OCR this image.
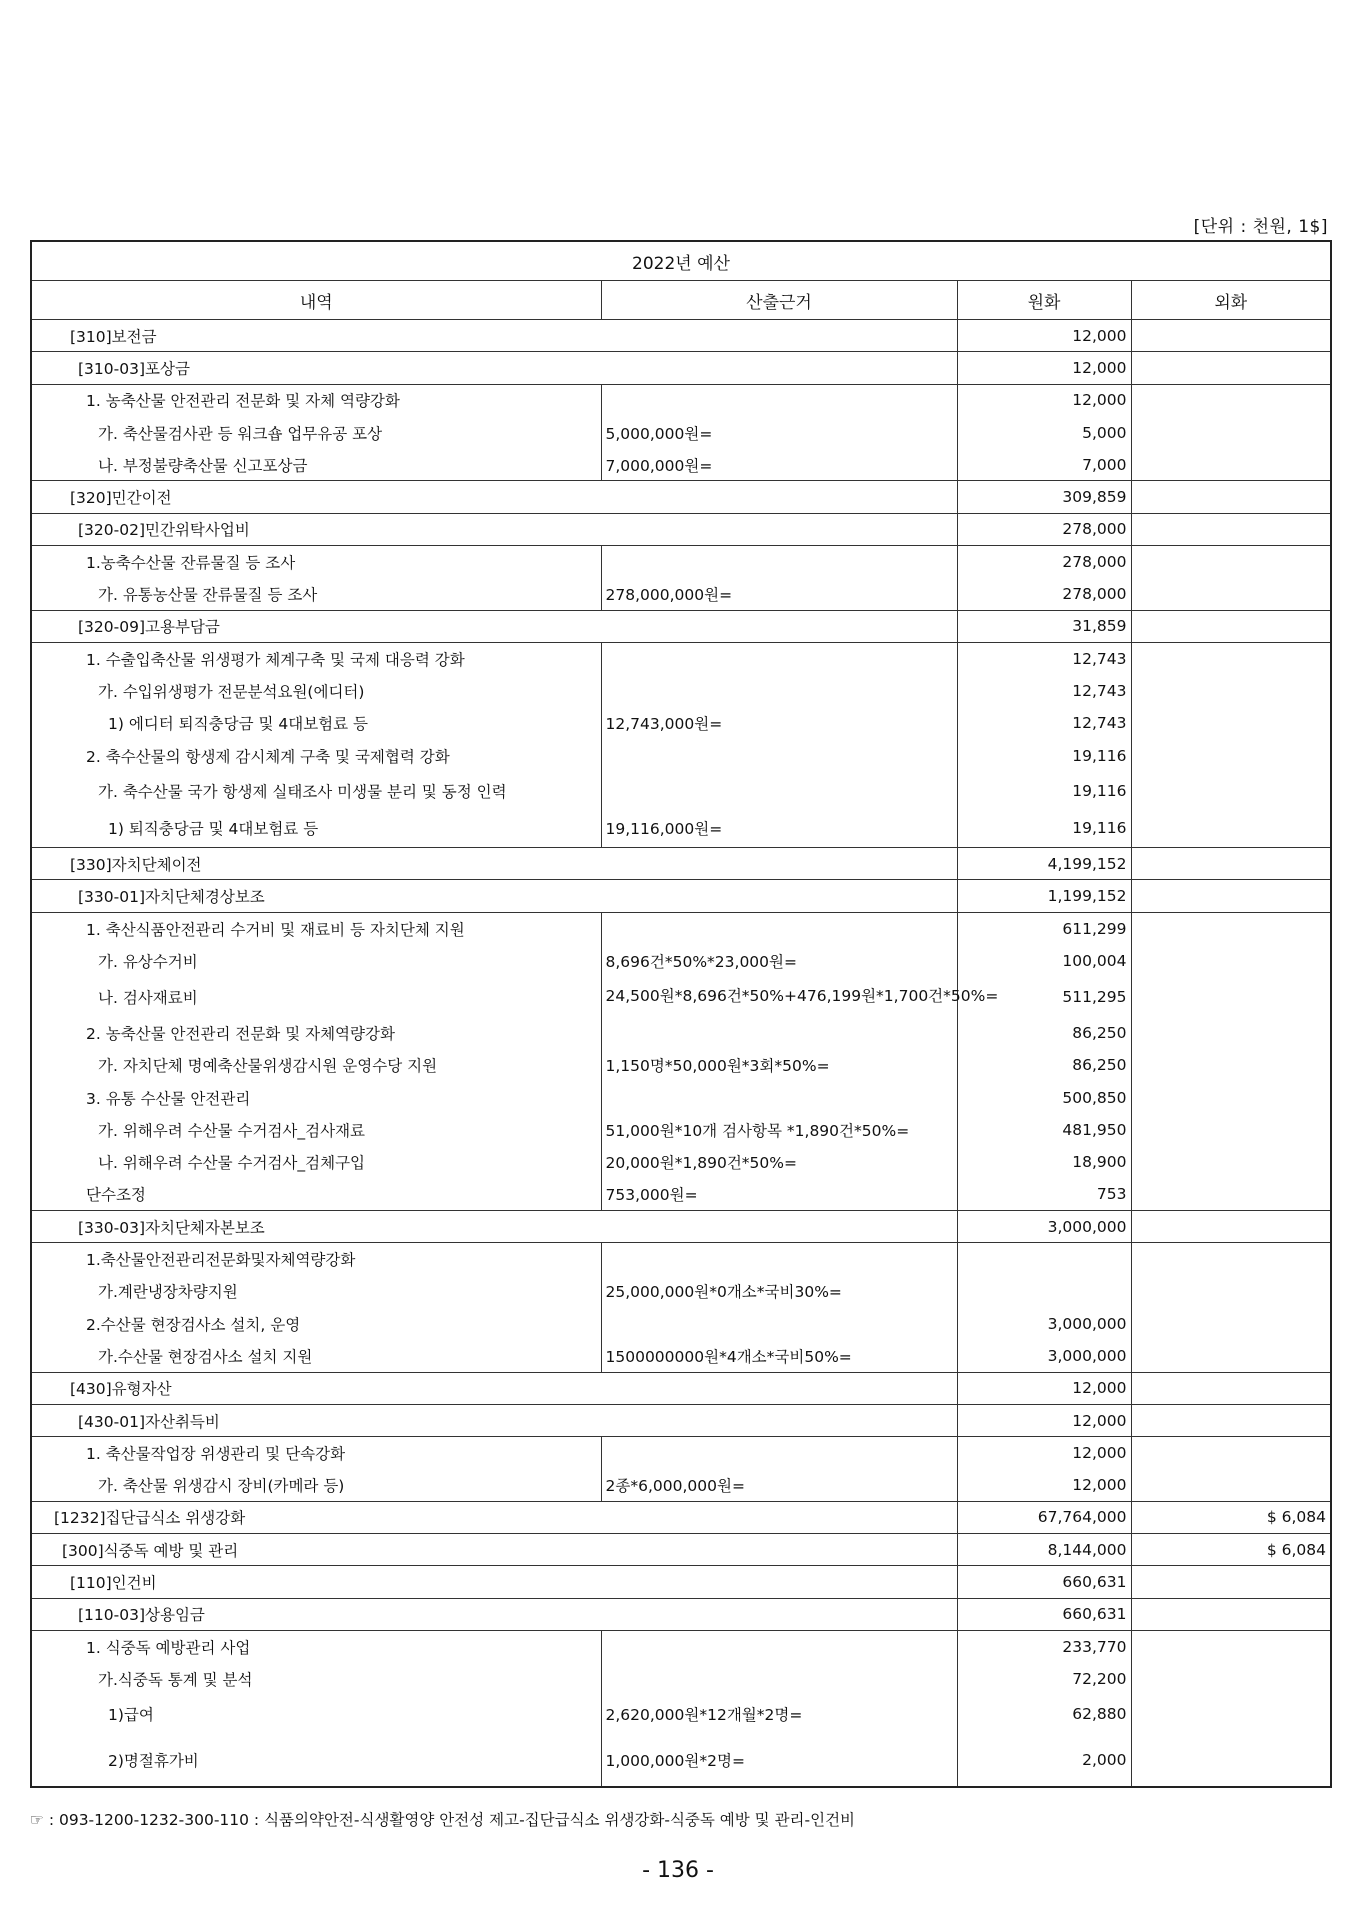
[단위 : 천원, 1$]
2022년 예산			
내역	산출근거	원화	외화
[310]보전금		12,000	
[310-03]포상금		12,000	
1. 농축산물 안전관리 전문화 및 자체 역량강화		12,000	
가. 축산물검사관 등 워크숍 업무유공 포상	5,000,000원=	5,000	
나. 부정불량축산물 신고포상금	7,000,000원=	7,000	
[320]민간이전		309,859	
[320-02]민간위탁사업비		278,000	
1.농축수산물 잔류물질 등 조사		278,000	
가. 유통농산물 잔류물질 등 조사	278,000,000원=	278,000	
[320-09]고용부담금		31,859	
1. 수출입축산물 위생평가 체계구축 및 국제 대응력 강화		12,743	
가. 수입위생평가 전문분석요원(에디터)		12,743	
1) 에디터 퇴직충당금 및 4대보험료 등	12,743,000원=	12,743	
2. 축수산물의 항생제 감시체계 구축 및 국제협력 강화		19,116	
가. 축수산물 국가 항생제 실태조사 미생물 분리 및 동정 인력		19,116	
1) 퇴직충당금 및 4대보험료 등	19,116,000원=	19,116	
[330]자치단체이전		4,199,152	
[330-01]자치단체경상보조		1,199,152	
1. 축산식품안전관리 수거비 및 재료비 등 자치단체 지원		611,299	
가. 유상수거비	8,696건*50%*23,000원=	100,004	
나. 검사재료비	24,500원*8,696건*50%+476,199원*1,700건*50%=	511,295	
2. 농축산물 안전관리 전문화 및 자체역량강화		86,250	
가. 자치단체 명예축산물위생감시원 운영수당 지원	1,150명*50,000원*3회*50%=	86,250	
3. 유통 수산물 안전관리		500,850	
가. 위해우려 수산물 수거검사_검사재료	51,000원*10개 검사항목 *1,890건*50%=	481,950	
나. 위해우려 수산물 수거검사_검체구입	20,000원*1,890건*50%=	18,900	
단수조정	753,000원=	753	
[330-03]자치단체자본보조		3,000,000	
1.축산물안전관리전문화및자체역량강화			
가.계란냉장차량지원	25,000,000원*0개소*국비30%=		
2.수산물 현장검사소 설치, 운영		3,000,000	
가.수산물 현장검사소 설치 지원	1500000000원*4개소*국비50%=	3,000,000	
[430]유형자산		12,000	
[430-01]자산취득비		12,000	
1. 축산물작업장 위생관리 및 단속강화		12,000	
가. 축산물 위생감시 장비(카메라 등)	2종*6,000,000원=	12,000	
[1232]집단급식소 위생강화		67,764,000	$ 6,084
[300]식중독 예방 및 관리		8,144,000	$ 6,084
[110]인건비		660,631	
[110-03]상용임금		660,631	
1. 식중독 예방관리 사업		233,770	
가.식중독 통계 및 분석		72,200	
1)급여	2,620,000원*12개월*2명=	62,880	
2)명절휴가비	1,000,000원*2명=	2,000	
☞ : 093-1200-1232-300-110 : 식품의약안전-식생활영양 안전성 제고-집단급식소 위생강화-식중독 예방 및 관리-인건비
- 136 -
